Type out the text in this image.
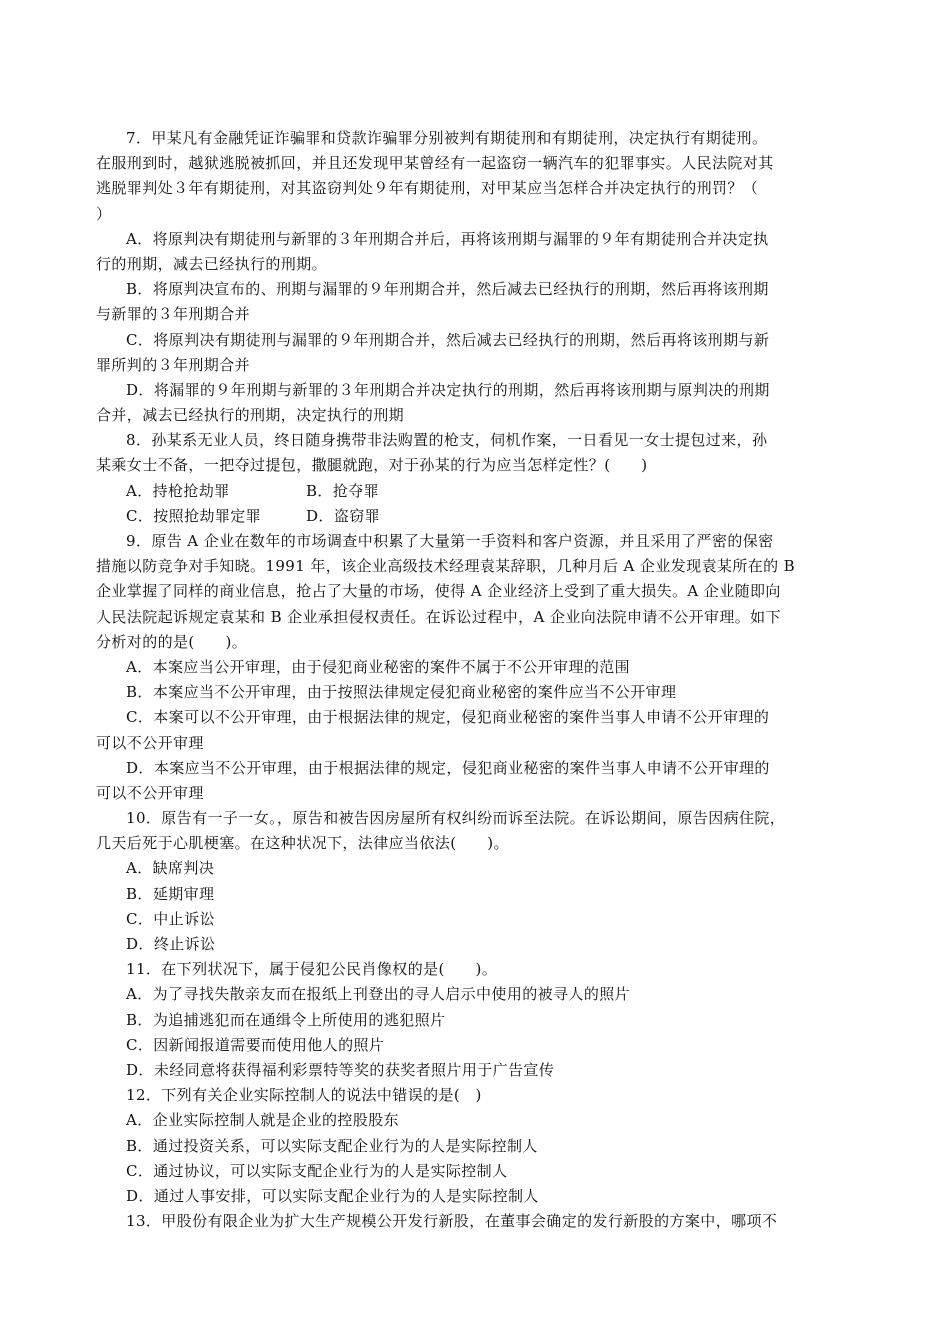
7．甲某凡有金融凭证诈骗罪和贷款诈骗罪分别被判有期徒刑和有期徒刑，决定执行有期徒刑。
在服刑到时，越狱逃脱被抓回，并且还发现甲某曾经有一起盗窃一辆汽车的犯罪事实。人民法院对其
逃脱罪判处３年有期徒刑，对其盗窃判处９年有期徒刑，对甲某应当怎样合并决定执行的刑罚？（
）
A．将原判决有期徒刑与新罪的３年刑期合并后，再将该刑期与漏罪的９年有期徒刑合并决定执
行的刑期，减去已经执行的刑期。
B．将原判决宣布的、刑期与漏罪的９年刑期合并，然后减去已经执行的刑期，然后再将该刑期
与新罪的３年刑期合并
C．将原判决有期徒刑与漏罪的９年刑期合并，然后减去已经执行的刑期，然后再将该刑期与新
罪所判的３年刑期合并
D．将漏罪的９年刑期与新罪的３年刑期合并决定执行的刑期，然后再将该刑期与原判决的刑期
合并，减去已经执行的刑期，决定执行的刑期
8．孙某系无业人员，终日随身携带非法购置的枪支，伺机作案，一日看见一女士提包过来，孙
某乘女士不备，一把夺过提包，撒腿就跑，对于孙某的行为应当怎样定性？(　　)
A．持枪抢劫罪	B．抢夺罪
C．按照抢劫罪定罪	D．盗窃罪
9．原告 A 企业在数年的市场调查中积累了大量第一手资料和客户资源，并且采用了严密的保密
措施以防竞争对手知晓。1991 年，该企业高级技术经理袁某辞职，几种月后 A 企业发现袁某所在的 B
企业掌握了同样的商业信息，抢占了大量的市场，使得 A 企业经济上受到了重大损失。A 企业随即向
人民法院起诉规定袁某和 B 企业承担侵权责任。在诉讼过程中，A 企业向法院申请不公开审理。如下
分析对的的是(　　)。
A．本案应当公开审理，由于侵犯商业秘密的案件不属于不公开审理的范围
B．本案应当不公开审理，由于按照法律规定侵犯商业秘密的案件应当不公开审理
C．本案可以不公开审理，由于根据法律的规定，侵犯商业秘密的案件当事人申请不公开审理的
可以不公开审理
D．本案应当不公开审理，由于根据法律的规定，侵犯商业秘密的案件当事人申请不公开审理的
可以不公开审理
10．原告有一子一女。，原告和被告因房屋所有权纠纷而诉至法院。在诉讼期间，原告因病住院，
几天后死于心肌梗塞。在这种状况下，法律应当依法(　　)。
A．缺席判决
B．延期审理
C．中止诉讼
D．终止诉讼
11．在下列状况下，属于侵犯公民肖像权的是(　　)。
A．为了寻找失散亲友而在报纸上刊登出的寻人启示中使用的被寻人的照片
B．为追捕逃犯而在通缉令上所使用的逃犯照片
C．因新闻报道需要而使用他人的照片
D．未经同意将获得福利彩票特等奖的获奖者照片用于广告宣传
12．下列有关企业实际控制人的说法中错误的是(　)
A．企业实际控制人就是企业的控股股东
B．通过投资关系，可以实际支配企业行为的人是实际控制人
C．通过协议，可以实际支配企业行为的人是实际控制人
D．通过人事安排，可以实际支配企业行为的人是实际控制人
13．甲股份有限企业为扩大生产规模公开发行新股，在董事会确定的发行新股的方案中，哪项不
